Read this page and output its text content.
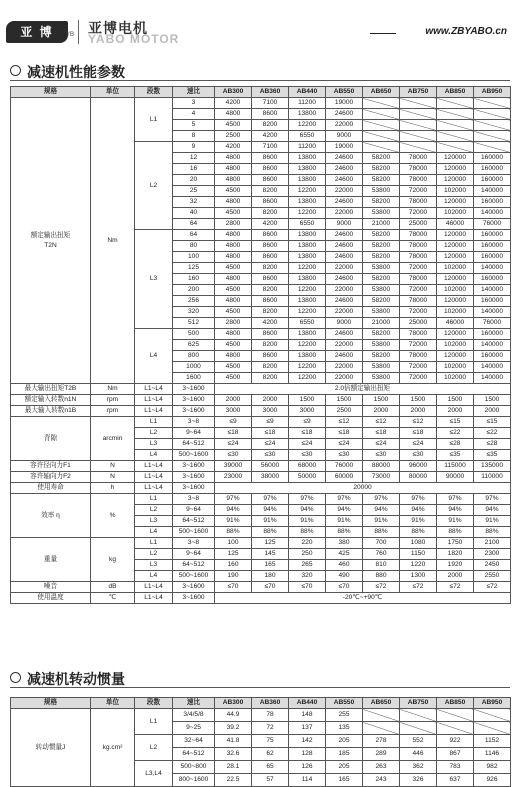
亚 博	YB 亚博电机
YABO MOTOR
www.ZBYABO.cn
减速机性能参数
规格	单位	段数	速比	AB300	AB360	AB440	AB550	AB650	AB750	AB850	AB950

额定输出扭矩
T2N	Nm	L1	3	4200	7100	11200	19000				
			4	4800	8600	13800	24600				
			5	4500	8200	12200	22000				
			8	2500	4200	6550	9000				
		L2	9	4200	7100	11200	19000				
			12	4800	8600	13800	24600	58200	78000	120000	160000
			16	4800	8600	13800	24600	58200	78000	120000	160000
			20	4800	8600	13800	24600	58200	78000	120000	160000
			25	4500	8200	12200	22000	53800	72000	102000	140000
			32	4800	8600	13800	24600	58200	78000	120000	160000
			40	4500	8200	12200	22000	53800	72000	102000	140000
			64	2800	4200	6550	9000	21000	25000	46000	76000
		L3	64	4800	8600	13800	24600	58200	78000	120000	160000
			80	4800	8600	13800	24600	58200	78000	120000	160000
			100	4800	8600	13800	24600	58200	78000	120000	160000
			125	4500	8200	12200	22000	53800	72000	102000	140000
			160	4800	8600	13800	24600	58200	78000	120000	160000
			200	4500	8200	12200	22000	53800	72000	102000	140000
			256	4800	8600	13800	24600	58200	78000	120000	160000
			320	4500	8200	12200	22000	53800	72000	102000	140000
			512	2800	4200	6550	9000	21000	25000	46000	76000
		L4	500	4800	8600	13800	24600	58200	78000	120000	160000
			625	4500	8200	12200	22000	53800	72000	102000	140000
			800	4800	8600	13800	24600	58200	78000	120000	160000
			1000	4500	8200	12200	22000	53800	72000	102000	140000
			1600	4500	8200	12200	22000	53800	72000	102000	140000
最大输出扭矩T2B	Nm	L1~L4	3~1600	2.0倍额定输出扭矩							
额定输入转数n1N	rpm	L1~L4	3~1600	2000	2000	1500	1500	1500	1500	1500	1500
最大输入转数n1B	rpm	L1~L4	3~1600	3000	3000	3000	2500	2000	2000	2000	2000
背隙	arcmin	L1	3~8	≤9	≤9	≤9	≤12	≤12	≤12	≤15	≤15
		L2	9~64	≤18	≤18	≤18	≤18	≤18	≤18	≤22	≤22
		L3	64~512	≤24	≤24	≤24	≤24	≤24	≤24	≤28	≤28
		L4	500~1600	≤30	≤30	≤30	≤30	≤30	≤30	≤35	≤35
容许径向力F1	N	L1~L4	3~1600	39000	56000	68000	76000	88000	96000	115000	135000
容许轴向力F2	N	L1~L4	3~1600	23000	38000	50000	60000	73000	80000	90000	110000
使用寿命	h	L1~L4	3~1600	20000							
效率 η	%	L1	3~8	97%	97%	97%	97%	97%	97%	97%	97%
		L2	9~64	94%	94%	94%	94%	94%	94%	94%	94%
		L3	64~512	91%	91%	91%	91%	91%	91%	91%	91%
		L4	500~1600	88%	88%	88%	88%	88%	88%	88%	88%
重量	kg	L1	3~8	100	125	220	380	700	1080	1750	2100
		L2	9~64	125	145	250	425	760	1150	1820	2300
		L3	64~512	160	165	265	460	810	1220	1920	2450
		L4	500~1600	190	180	320	490	880	1300	2000	2550
噪音	dB	L1~L4	3~1600	≤70	≤70	≤70	≤70	≤72	≤72	≤72	≤72
使用温度	℃	L1~L4	3~1600	-20℃~+90℃							
减速机转动惯量
规格	单位	段数	速比	AB300	AB360	AB440	AB550	AB650	AB750	AB850	AB950
转动惯量J	kg.cm²	L1	3/4/5/8	44.9	78	148	255				
			9~25	39.2	72	137	135				
		L2	32~64	41.8	75	142	205	278	552	922	1152
			64~512	32.6	62	128	185	289	446	867	1146
		L3,L4	500~800	28.1	65	126	205	263	362	783	982
			800~1600	22.5	57	114	165	243	326	637	926
